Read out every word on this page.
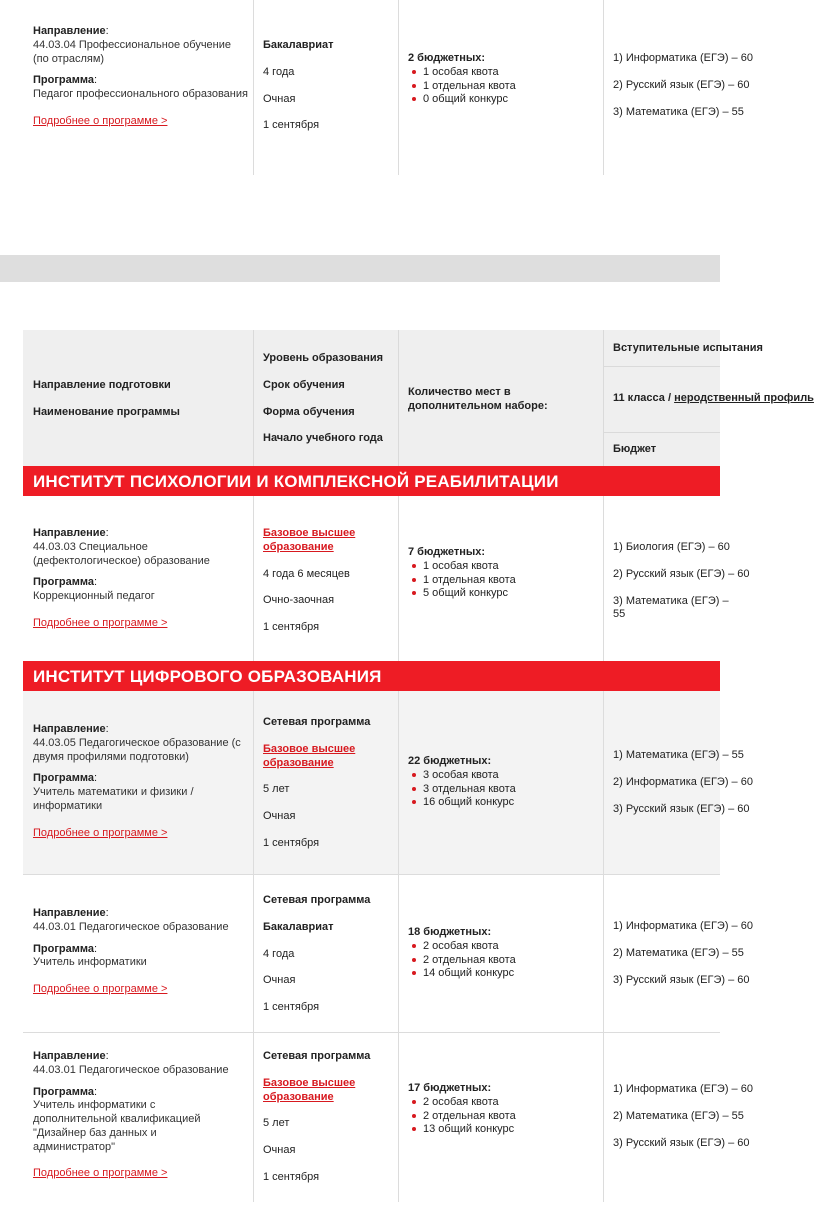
Направление:
44.03.04 Профессиональное обучение (по отраслям)
Программа:
Педагог профессионального образования
Подробнее о программе >
Бакалавриат
4 года
Очная
1 сентября
2 бюджетных:
1 особая квота
1 отдельная квота
0 общий конкурс
1) Информатика (ЕГЭ) – 60
2) Русский язык (ЕГЭ) – 60
3) Математика (ЕГЭ) – 55
Направление подготовки
Наименование программы
Уровень образования
Срок обучения
Форма обучения
Начало учебного года
Количество мест в дополнительном наборе:
Вступительные испытания
11 класса / неродственный профиль
Бюджет
ИНСТИТУТ ПСИХОЛОГИИ И КОМПЛЕКСНОЙ РЕАБИЛИТАЦИИ
Направление:
44.03.03 Специальное (дефектологическое) образование
Программа:
Коррекционный педагог
Подробнее о программе >
Базовое высшее образование
4 года 6 месяцев
Очно-заочная
1 сентября
7 бюджетных:
1 особая квота
1 отдельная квота
5 общий конкурс
1) Биология (ЕГЭ) – 60
2) Русский язык (ЕГЭ) – 60
3) Математика (ЕГЭ) –
55
ИНСТИТУТ ЦИФРОВОГО ОБРАЗОВАНИЯ
Направление:
44.03.05 Педагогическое образование (с двумя профилями подготовки)
Программа:
Учитель математики и физики / информатики
Подробнее о программе >
Сетевая программа
Базовое высшее образование
5 лет
Очная
1 сентября
22 бюджетных:
3 особая квота
3 отдельная квота
16 общий конкурс
1) Математика (ЕГЭ) – 55
2) Информатика (ЕГЭ) – 60
3) Русский язык (ЕГЭ) – 60
Направление:
44.03.01 Педагогическое образование
Программа:
Учитель информатики
Подробнее о программе >
Сетевая программа
Бакалавриат
4 года
Очная
1 сентября
18 бюджетных:
2 особая квота
2 отдельная квота
14 общий конкурс
1) Информатика (ЕГЭ) – 60
2) Математика (ЕГЭ) – 55
3) Русский язык (ЕГЭ) – 60
Направление:
44.03.01 Педагогическое образование
Программа:
Учитель информатики с дополнительной квалификацией "Дизайнер баз данных и администратор"
Подробнее о программе >
Сетевая программа
Базовое высшее образование
5 лет
Очная
1 сентября
17 бюджетных:
2 особая квота
2 отдельная квота
13 общий конкурс
1) Информатика (ЕГЭ) – 60
2) Математика (ЕГЭ) – 55
3) Русский язык (ЕГЭ) – 60
